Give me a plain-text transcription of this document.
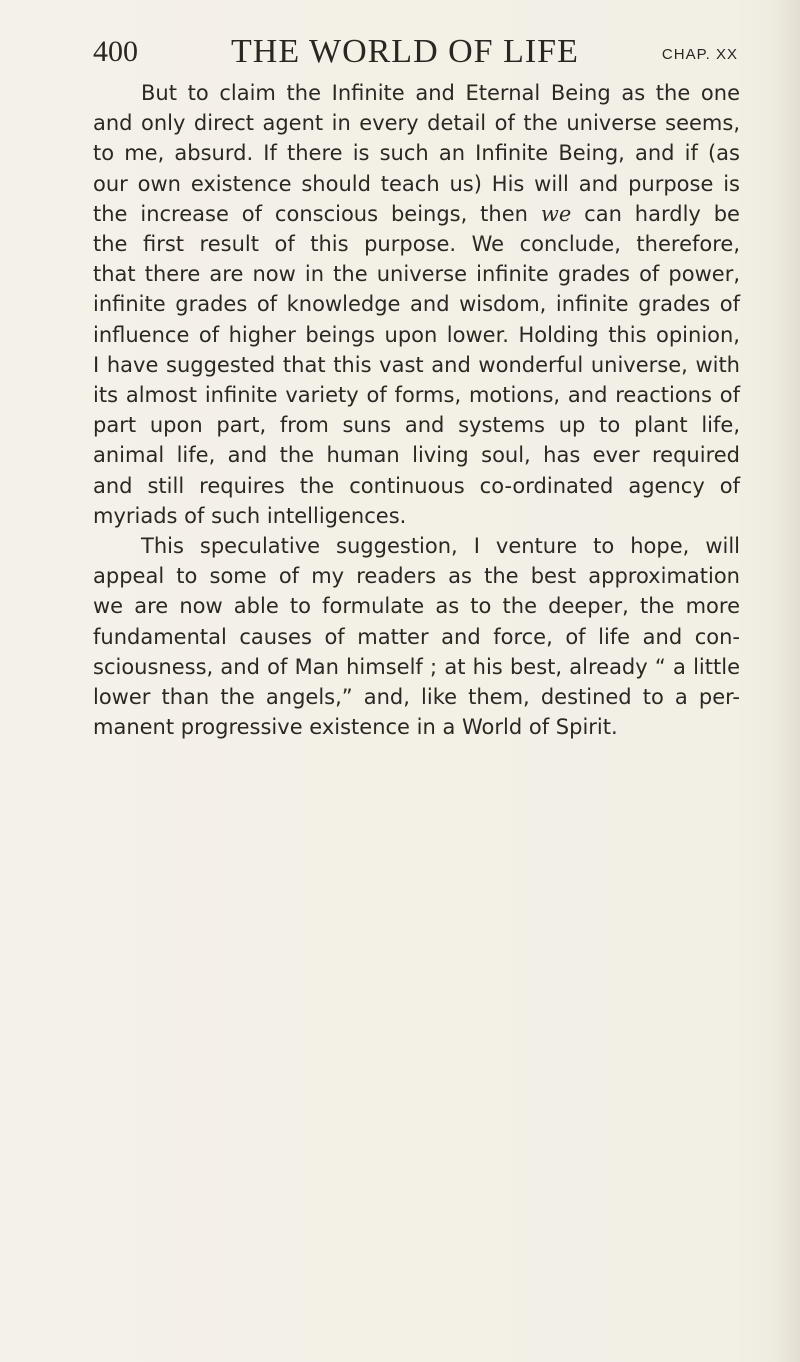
400	THE WORLD OF LIFE	CHAP. XX
But to claim the Infinite and Eternal Being as the one
and only direct agent in every detail of the universe seems,
to me, absurd. If there is such an Infinite Being, and if (as
our own existence should teach us) His will and purpose is
the increase of conscious beings, then we can hardly be
the first result of this purpose. We conclude, therefore,
that there are now in the universe infinite grades of power,
infinite grades of knowledge and wisdom, infinite grades of
influence of higher beings upon lower. Holding this opinion,
I have suggested that this vast and wonderful universe, with
its almost infinite variety of forms, motions, and reactions of
part upon part, from suns and systems up to plant life,
animal life, and the human living soul, has ever required
and still requires the continuous co-ordinated agency of
myriads of such intelligences.
This speculative suggestion, I venture to hope, will
appeal to some of my readers as the best approximation
we are now able to formulate as to the deeper, the more
fundamental causes of matter and force, of life and con-
sciousness, and of Man himself ; at his best, already “ a little
lower than the angels,” and, like them, destined to a per-
manent progressive existence in a World of Spirit.
